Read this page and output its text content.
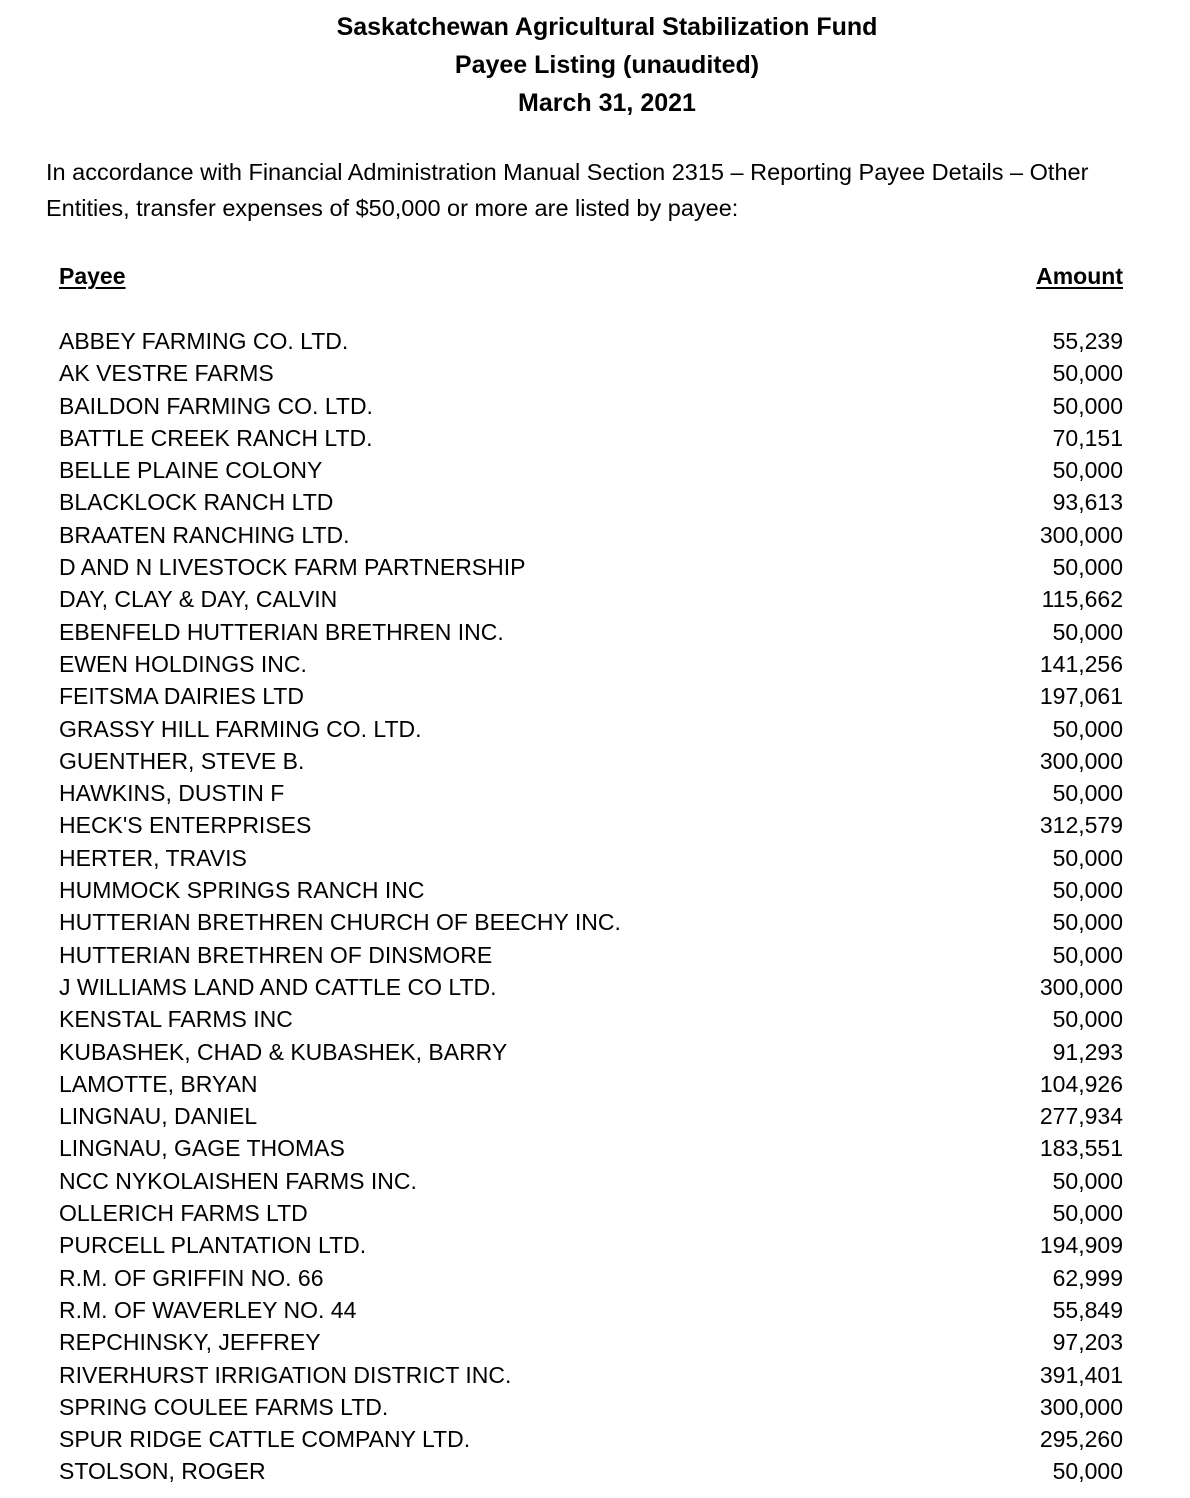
Saskatchewan Agricultural Stabilization Fund
Payee Listing (unaudited)
March 31, 2021
In accordance with Financial Administration Manual Section 2315 – Reporting Payee Details – Other
Entities, transfer expenses of $50,000 or more are listed by payee:
Payee	Amount
ABBEY FARMING CO. LTD.	55,239
AK VESTRE FARMS	50,000
BAILDON FARMING CO. LTD.	50,000
BATTLE CREEK RANCH LTD.	70,151
BELLE PLAINE COLONY	50,000
BLACKLOCK RANCH LTD	93,613
BRAATEN RANCHING LTD.	300,000
D AND N LIVESTOCK FARM PARTNERSHIP	50,000
DAY, CLAY & DAY, CALVIN	115,662
EBENFELD HUTTERIAN BRETHREN INC.	50,000
EWEN HOLDINGS INC.	141,256
FEITSMA DAIRIES LTD	197,061
GRASSY HILL FARMING CO. LTD.	50,000
GUENTHER, STEVE B.	300,000
HAWKINS, DUSTIN F	50,000
HECK'S ENTERPRISES	312,579
HERTER, TRAVIS	50,000
HUMMOCK SPRINGS RANCH INC	50,000
HUTTERIAN BRETHREN CHURCH OF BEECHY INC.	50,000
HUTTERIAN BRETHREN OF DINSMORE	50,000
J WILLIAMS LAND AND CATTLE CO LTD.	300,000
KENSTAL FARMS INC	50,000
KUBASHEK, CHAD & KUBASHEK, BARRY	91,293
LAMOTTE, BRYAN	104,926
LINGNAU, DANIEL	277,934
LINGNAU, GAGE THOMAS	183,551
NCC NYKOLAISHEN FARMS INC.	50,000
OLLERICH FARMS LTD	50,000
PURCELL PLANTATION LTD.	194,909
R.M. OF GRIFFIN NO. 66	62,999
R.M. OF WAVERLEY NO. 44	55,849
REPCHINSKY, JEFFREY	97,203
RIVERHURST IRRIGATION DISTRICT INC.	391,401
SPRING COULEE FARMS LTD.	300,000
SPUR RIDGE CATTLE COMPANY LTD.	295,260
STOLSON, ROGER	50,000
